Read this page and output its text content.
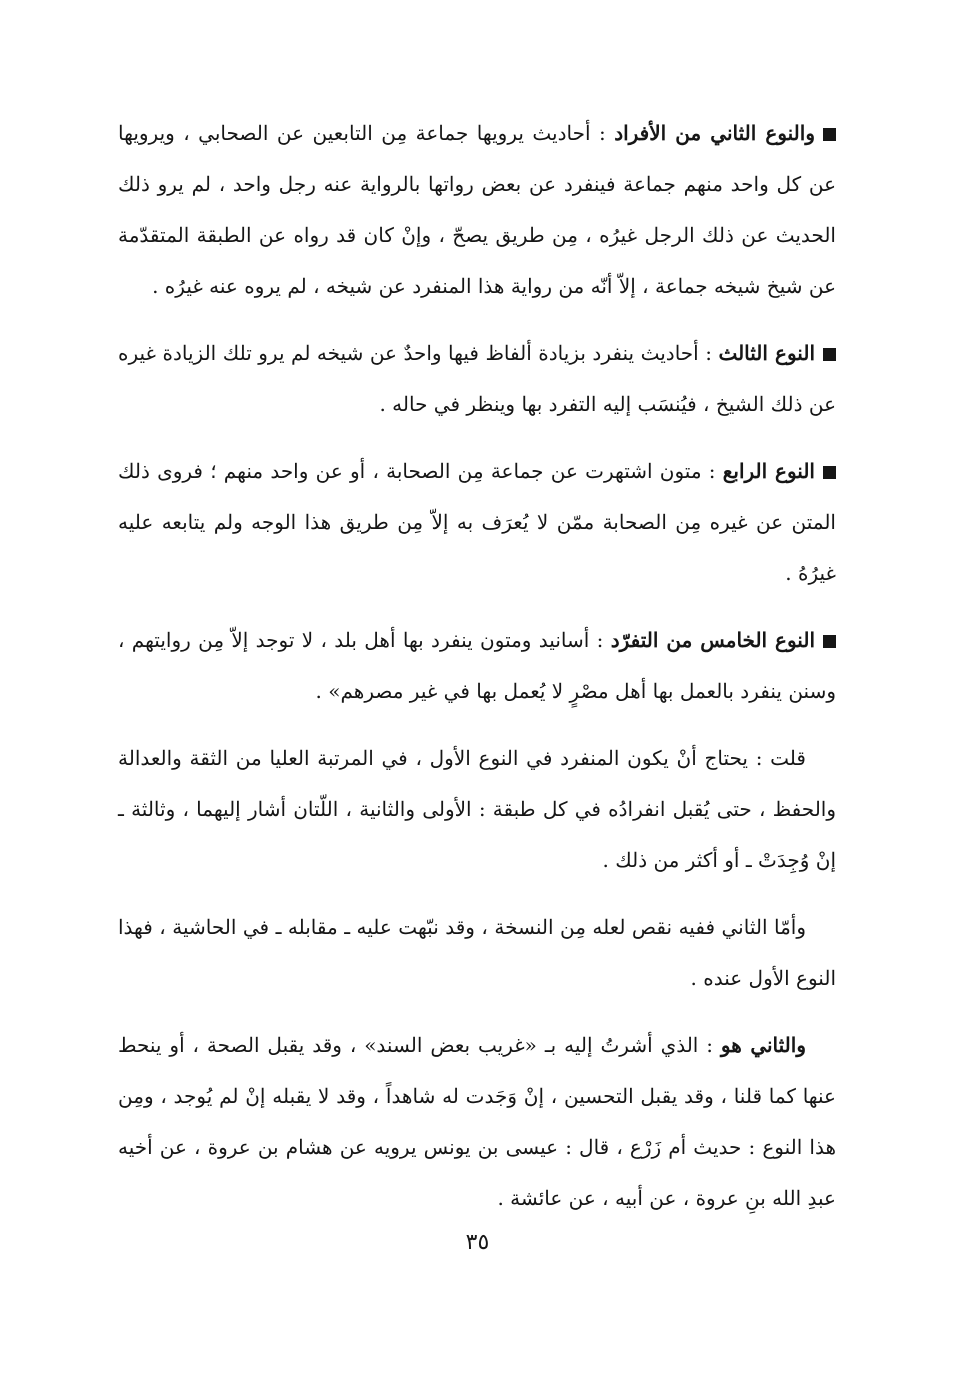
والنوع الثاني من الأفراد : أحاديث يرويها جماعة مِن التابعين عن الصحابي ، ويرويها عن كل واحد منهم جماعة فينفرد عن بعض رواتها بالرواية عنه رجل واحد ، لم يرو ذلك الحديث عن ذلك الرجل غيرُه ، مِن طريق يصحّ ، وإنْ كان قد رواه عن الطبقة المتقدّمة عن شيخ شيخه جماعة ، إلاّ أنّه من رواية هذا المنفرد عن شيخه ، لم يروه عنه غيرُه .

النوع الثالث : أحاديث ينفرد بزيادة ألفاظ فيها واحدٌ عن شيخه لم يرو تلك الزيادة غيره عن ذلك الشيخ ، فيُنسَب إليه التفرد بها وينظر في حاله .

النوع الرابع : متون اشتهرت عن جماعة مِن الصحابة ، أو عن واحد منهم ؛ فروى ذلك المتن عن غيره مِن الصحابة ممّن لا يُعرَف به إلاّ مِن طريق هذا الوجه ولم يتابعه عليه غيرُهُ .

النوع الخامس من التفرّد : أسانيد ومتون ينفرد بها أهل بلد ، لا توجد إلاّ مِن روايتهم ، وسنن ينفرد بالعمل بها أهل مصْرٍ لا يُعمل بها في غير مصرهم» .

قلت : يحتاج أنْ يكون المنفرد في النوع الأول ، في المرتبة العليا من الثقة والعدالة والحفظ ، حتى يُقبل انفرادُه في كل طبقة : الأولى والثانية ، اللّتان أشار إليهما ، وثالثة ـ إنْ وُجِدَتْ ـ أو أكثر من ذلك .

وأمّا الثاني ففيه نقص لعله مِن النسخة ، وقد نبّهت عليه ـ مقابله ـ في الحاشية ، فهذا النوع الأول عنده .

والثاني هو : الذي أشرتُ إليه بـ «غريب بعض السند» ، وقد يقبل الصحة ، أو ينحط عنها كما قلنا ، وقد يقبل التحسين ، إنْ وَجَدت له شاهداً ، وقد لا يقبله إنْ لم يُوجد ، ومِن هذا النوع : حديث أم زَرْع ، قال : عيسى بن يونس يرويه عن هشام بن عروة ، عن أخيه عبدِ الله بنِ عروة ، عن أبيه ، عن عائشة .

٣٥
